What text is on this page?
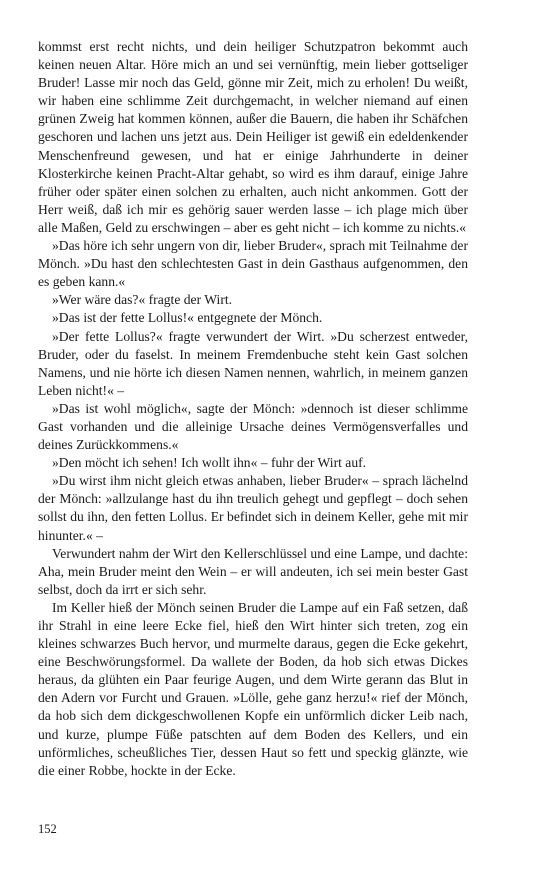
kommst erst recht nichts, und dein heiliger Schutzpatron bekommt auch keinen neuen Altar. Höre mich an und sei vernünftig, mein lieber gottseliger Bruder! Lasse mir noch das Geld, gönne mir Zeit, mich zu erholen! Du weißt, wir haben eine schlimme Zeit durchgemacht, in welcher niemand auf einen grünen Zweig hat kommen können, außer die Bauern, die haben ihr Schäfchen geschoren und lachen uns jetzt aus. Dein Heiliger ist gewiß ein edeldenkender Menschenfreund gewesen, und hat er einige Jahrhunderte in deiner Klosterkirche keinen Pracht-Altar gehabt, so wird es ihm darauf, einige Jahre früher oder später einen solchen zu erhalten, auch nicht ankommen. Gott der Herr weiß, daß ich mir es gehörig sauer werden lasse – ich plage mich über alle Maßen, Geld zu erschwingen – aber es geht nicht – ich komme zu nichts.«

»Das höre ich sehr ungern von dir, lieber Bruder«, sprach mit Teilnahme der Mönch. »Du hast den schlechtesten Gast in dein Gasthaus aufgenommen, den es geben kann.«

»Wer wäre das?« fragte der Wirt.

»Das ist der fette Lollus!« entgegnete der Mönch.

»Der fette Lollus?« fragte verwundert der Wirt. »Du scherzest entweder, Bruder, oder du faselst. In meinem Fremdenbuche steht kein Gast solchen Namens, und nie hörte ich diesen Namen nennen, wahrlich, in meinem ganzen Leben nicht!« –

»Das ist wohl möglich«, sagte der Mönch: »dennoch ist dieser schlimme Gast vorhanden und die alleinige Ursache deines Vermögensverfalles und deines Zurückkommens.«

»Den möcht ich sehen! Ich wollt ihn« – fuhr der Wirt auf.

»Du wirst ihm nicht gleich etwas anhaben, lieber Bruder« – sprach lächelnd der Mönch: »allzulange hast du ihn treulich gehegt und gepflegt – doch sehen sollst du ihn, den fetten Lollus. Er befindet sich in deinem Keller, gehe mit mir hinunter.« –

Verwundert nahm der Wirt den Kellerschlüssel und eine Lampe, und dachte: Aha, mein Bruder meint den Wein – er will andeuten, ich sei mein bester Gast selbst, doch da irrt er sich sehr.

Im Keller hieß der Mönch seinen Bruder die Lampe auf ein Faß setzen, daß ihr Strahl in eine leere Ecke fiel, hieß den Wirt hinter sich treten, zog ein kleines schwarzes Buch hervor, und murmelte daraus, gegen die Ecke gekehrt, eine Beschwörungsformel. Da wallete der Boden, da hob sich etwas Dickes heraus, da glühten ein Paar feurige Augen, und dem Wirte gerann das Blut in den Adern vor Furcht und Grauen. »Lölle, gehe ganz herzu!« rief der Mönch, da hob sich dem dickgeschwollenen Kopfe ein unförmlich dicker Leib nach, und kurze, plumpe Füße patschten auf dem Boden des Kellers, und ein unförmliches, scheußliches Tier, dessen Haut so fett und speckig glänzte, wie die einer Robbe, hockte in der Ecke.

152
